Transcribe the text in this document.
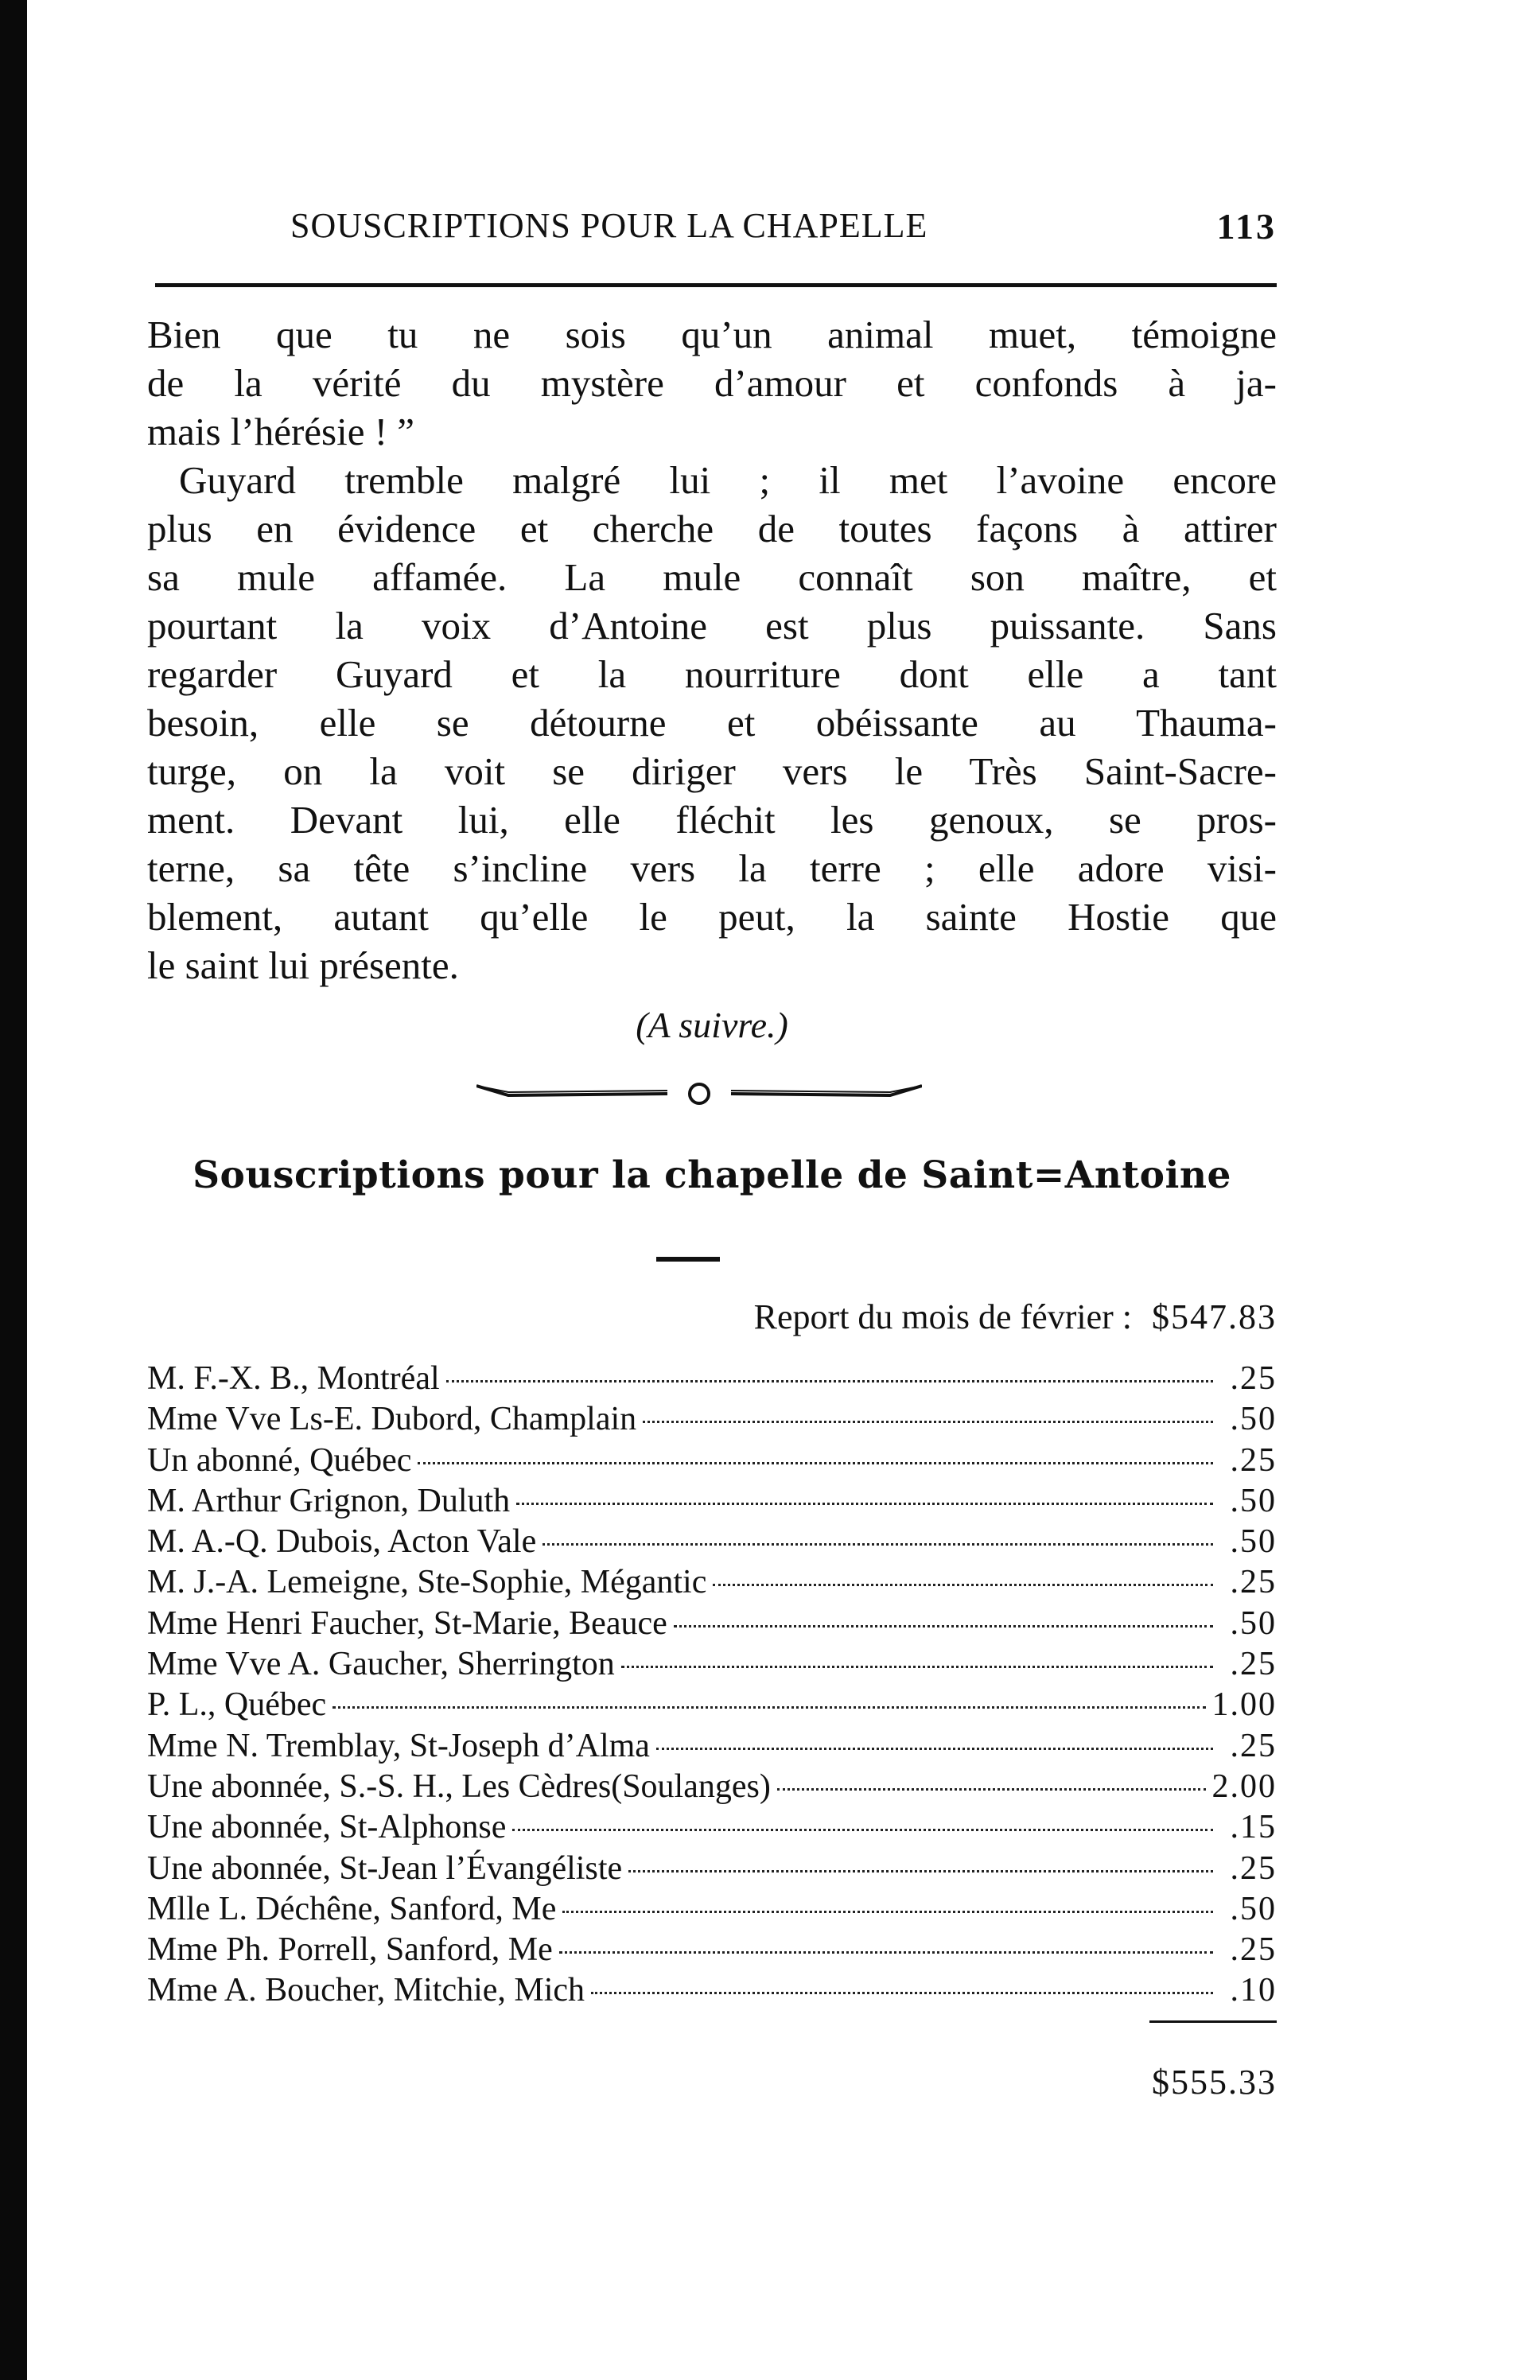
SOUSCRIPTIONS POUR LA CHAPELLE	113
Bien que tu ne sois qu’un animal muet, témoigne
de la vérité du mystère d’amour et confonds à ja-
mais l’hérésie ! ”
Guyard tremble malgré lui ; il met l’avoine encore
plus en évidence et cherche de toutes façons à attirer
sa mule affamée. La mule connaît son maître, et
pourtant la voix d’Antoine est plus puissante. Sans
regarder Guyard et la nourriture dont elle a tant
besoin, elle se détourne et obéissante au Thauma-
turge, on la voit se diriger vers le Très Saint-Sacre-
ment. Devant lui, elle fléchit les genoux, se pros-
terne, sa tête s’incline vers la terre ; elle adore visi-
blement, autant qu’elle le peut, la sainte Hostie que
le saint lui présente.
(A suivre.)
Souscriptions pour la chapelle de Saint=Antoine
Report du mois de février : $547.83
M. F.-X. B., Montréal	.25
Mme Vve Ls-E. Dubord, Champlain	.50
Un abonné, Québec	.25
M. Arthur Grignon, Duluth	.50
M. A.-Q. Dubois, Acton Vale	.50
M. J.-A. Lemeigne, Ste-Sophie, Mégantic	.25
Mme Henri Faucher, St-Marie, Beauce	.50
Mme Vve A. Gaucher, Sherrington	.25
P. L., Québec	1.00
Mme N. Tremblay, St-Joseph d’Alma	.25
Une abonnée, S.-S. H., Les Cèdres(Soulanges)	2.00
Une abonnée, St-Alphonse	.15
Une abonnée, St-Jean l’Évangéliste	.25
Mlle L. Déchêne, Sanford, Me	.50
Mme Ph. Porrell, Sanford, Me	.25
Mme A. Boucher, Mitchie, Mich	.10
$555.33
